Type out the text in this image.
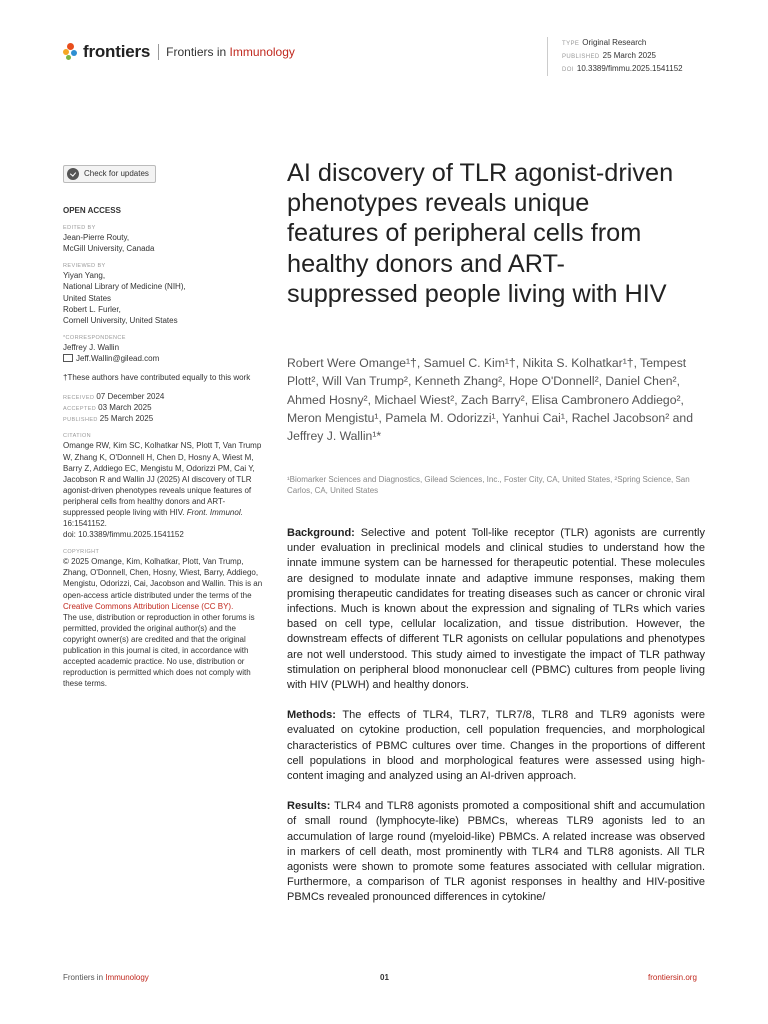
frontiers Frontiers in Immunology
TYPE Original Research
PUBLISHED 25 March 2025
DOI 10.3389/fimmu.2025.1541152
Check for updates
OPEN ACCESS
EDITED BY
Jean-Pierre Routy,
McGill University, Canada
REVIEWED BY
Yiyan Yang,
National Library of Medicine (NIH),
United States
Robert L. Furler,
Cornell University, United States
*CORRESPONDENCE
Jeffrey J. Wallin
Jeff.Wallin@gilead.com
†These authors have contributed equally to this work
RECEIVED 07 December 2024
ACCEPTED 03 March 2025
PUBLISHED 25 March 2025
CITATION
Omange RW, Kim SC, Kolhatkar NS, Plott T, Van Trump W, Zhang K, O'Donnell H, Chen D, Hosny A, Wiest M, Barry Z, Addiego EC, Mengistu M, Odorizzi PM, Cai Y, Jacobson R and Wallin JJ (2025) AI discovery of TLR agonist-driven phenotypes reveals unique features of peripheral cells from healthy donors and ART-suppressed people living with HIV. Front. Immunol. 16:1541152.
doi: 10.3389/fimmu.2025.1541152
COPYRIGHT
© 2025 Omange, Kim, Kolhatkar, Plott, Van Trump, Zhang, O'Donnell, Chen, Hosny, Wiest, Barry, Addiego, Mengistu, Odorizzi, Cai, Jacobson and Wallin. This is an open-access article distributed under the terms of the
Creative Commons Attribution License (CC BY).
The use, distribution or reproduction in other forums is permitted, provided the original author(s) and the copyright owner(s) are credited and that the original publication in this journal is cited, in accordance with accepted academic practice. No use, distribution or reproduction is permitted which does not comply with these terms.
AI discovery of TLR agonist-driven phenotypes reveals unique features of peripheral cells from healthy donors and ART-suppressed people living with HIV
Robert Were Omange¹†, Samuel C. Kim¹†, Nikita S. Kolhatkar¹†, Tempest Plott², Will Van Trump², Kenneth Zhang², Hope O'Donnell², Daniel Chen², Ahmed Hosny², Michael Wiest², Zach Barry², Elisa Cambronero Addiego², Meron Mengistu¹, Pamela M. Odorizzi¹, Yanhui Cai¹, Rachel Jacobson² and Jeffrey J. Wallin¹*
¹Biomarker Sciences and Diagnostics, Gilead Sciences, Inc., Foster City, CA, United States, ²Spring Science, San Carlos, CA, United States

Background: Selective and potent Toll-like receptor (TLR) agonists are currently under evaluation in preclinical models and clinical studies to understand how the innate immune system can be harnessed for therapeutic potential. These molecules are designed to modulate innate and adaptive immune responses, making them promising therapeutic candidates for treating diseases such as cancer or chronic viral infections. Much is known about the expression and signaling of TLRs which varies based on cell type, cellular localization, and tissue distribution. However, the downstream effects of different TLR agonists on cellular populations and phenotypes are not well understood. This study aimed to investigate the impact of TLR pathway stimulation on peripheral blood mononuclear cell (PBMC) cultures from people living with HIV (PLWH) and healthy donors.

Methods: The effects of TLR4, TLR7, TLR7/8, TLR8 and TLR9 agonists were evaluated on cytokine production, cell population frequencies, and morphological characteristics of PBMC cultures over time. Changes in the proportions of different cell populations in blood and morphological features were assessed using high-content imaging and analyzed using an AI-driven approach.

Results: TLR4 and TLR8 agonists promoted a compositional shift and accumulation of small round (lymphocyte-like) PBMCs, whereas TLR9 agonists led to an accumulation of large round (myeloid-like) PBMCs. A related increase was observed in markers of cell death, most prominently with TLR4 and TLR8 agonists. All TLR agonists were shown to promote some features associated with cellular migration. Furthermore, a comparison of TLR agonist responses in healthy and HIV-positive PBMCs revealed pronounced differences in cytokine/

Frontiers in Immunology	01	frontiersin.org
